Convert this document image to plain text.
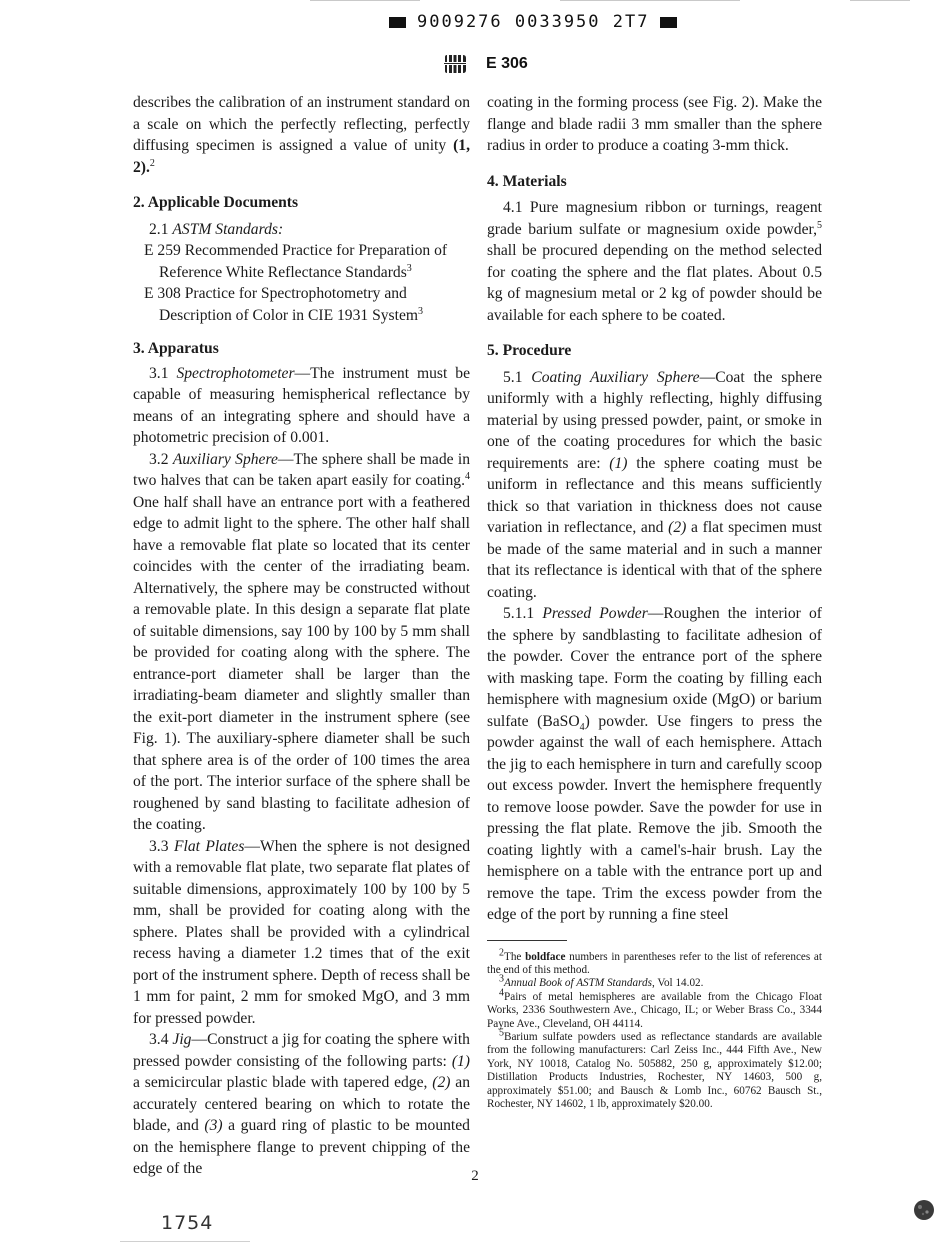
9009276 0033950 2T7
E 306

describes the calibration of an instrument standard on a scale on which the perfectly reflecting, perfectly diffusing specimen is assigned a value of unity (1, 2).$^2$

2. Applicable Documents

2.1 ASTM Standards:

E 259 Recommended Practice for Preparation of Reference White Reflectance Standards$^3$

E 308 Practice for Spectrophotometry and Description of Color in CIE 1931 System$^3$

3. Apparatus

3.1 Spectrophotometer—The instrument must be capable of measuring hemispherical reflectance by means of an integrating sphere and should have a photometric precision of 0.001.

3.2 Auxiliary Sphere—The sphere shall be made in two halves that can be taken apart easily for coating.$^4$ One half shall have an entrance port with a feathered edge to admit light to the sphere. The other half shall have a removable flat plate so located that its center coincides with the center of the irradiating beam. Alternatively, the sphere may be constructed without a removable plate. In this design a separate flat plate of suitable dimensions, say 100 by 100 by 5 mm shall be provided for coating along with the sphere. The entrance-port diameter shall be larger than the irradiating-beam diameter and slightly smaller than the exit-port diameter in the instrument sphere (see Fig. 1). The auxiliary-sphere diameter shall be such that sphere area is of the order of 100 times the area of the port. The interior surface of the sphere shall be roughened by sand blasting to facilitate adhesion of the coating.

3.3 Flat Plates—When the sphere is not designed with a removable flat plate, two separate flat plates of suitable dimensions, approximately 100 by 100 by 5 mm, shall be provided for coating along with the sphere. Plates shall be provided with a cylindrical recess having a diameter 1.2 times that of the exit port of the instrument sphere. Depth of recess shall be 1 mm for paint, 2 mm for smoked MgO, and 3 mm for pressed powder.

3.4 Jig—Construct a jig for coating the sphere with pressed powder consisting of the following parts: (1) a semicircular plastic blade with tapered edge, (2) an accurately centered bearing on which to rotate the blade, and (3) a guard ring of plastic to be mounted on the hemisphere flange to prevent chipping of the edge of the

coating in the forming process (see Fig. 2). Make the flange and blade radii 3 mm smaller than the sphere radius in order to produce a coating 3-mm thick.

4. Materials

4.1 Pure magnesium ribbon or turnings, reagent grade barium sulfate or magnesium oxide powder,$^5$ shall be procured depending on the method selected for coating the sphere and the flat plates. About 0.5 kg of magnesium metal or 2 kg of powder should be available for each sphere to be coated.

5. Procedure

5.1 Coating Auxiliary Sphere—Coat the sphere uniformly with a highly reflecting, highly diffusing material by using pressed powder, paint, or smoke in one of the coating procedures for which the basic requirements are: (1) the sphere coating must be uniform in reflectance and this means sufficiently thick so that variation in thickness does not cause variation in reflectance, and (2) a flat specimen must be made of the same material and in such a manner that its reflectance is identical with that of the sphere coating.

5.1.1 Pressed Powder—Roughen the interior of the sphere by sandblasting to facilitate adhesion of the powder. Cover the entrance port of the sphere with masking tape. Form the coating by filling each hemisphere with magnesium oxide (MgO) or barium sulfate (BaSO$_4$) powder. Use fingers to press the powder against the wall of each hemisphere. Attach the jig to each hemisphere in turn and carefully scoop out excess powder. Invert the hemisphere frequently to remove loose powder. Save the powder for use in pressing the flat plate. Remove the jib. Smooth the coating lightly with a camel's-hair brush. Lay the hemisphere on a table with the entrance port up and remove the tape. Trim the excess powder from the edge of the port by running a fine steel

$^2$The boldface numbers in parentheses refer to the list of references at the end of this method.

$^3$Annual Book of ASTM Standards, Vol 14.02.

$^4$Pairs of metal hemispheres are available from the Chicago Float Works, 2336 Southwestern Ave., Chicago, IL; or Weber Brass Co., 3344 Payne Ave., Cleveland, OH 44114.

$^5$Barium sulfate powders used as reflectance standards are available from the following manufacturers: Carl Zeiss Inc., 444 Fifth Ave., New York, NY 10018, Catalog No. 505882, 250 g, approximately $12.00; Distillation Products Industries, Rochester, NY 14603, 500 g, approximately $51.00; and Bausch & Lomb Inc., 60762 Bausch St., Rochester, NY 14602, 1 lb, approximately $20.00.

2
1754
